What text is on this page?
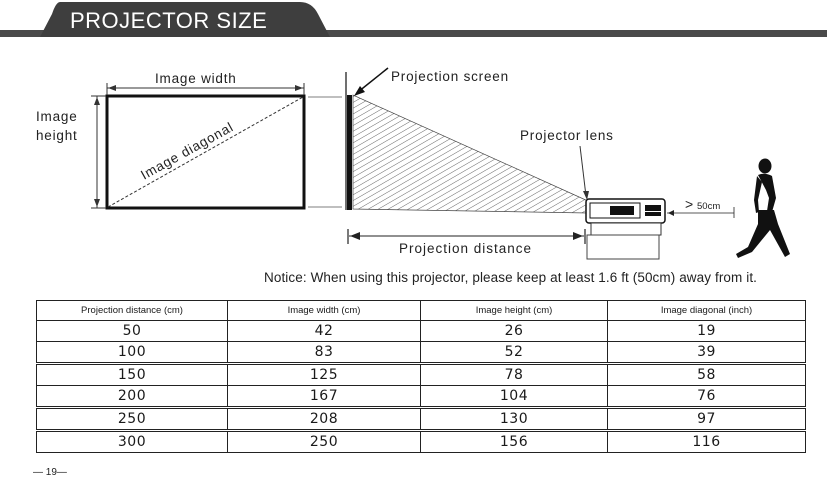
PROJECTOR SIZE
Image width
Image
height	Image diagonal
Projection screen
Projector lens
Projection distance
> 50cm
Notice: When using this projector, please keep at least 1.6 ft (50cm) away from it.
Projection distance (cm)	Image width (cm)	Image height (cm)	Image diagonal (inch)
50	42	26	19
100	83	52	39
150	125	78	58
200	167	104	76
250	208	130	97
300	250	156	116
— 19—
